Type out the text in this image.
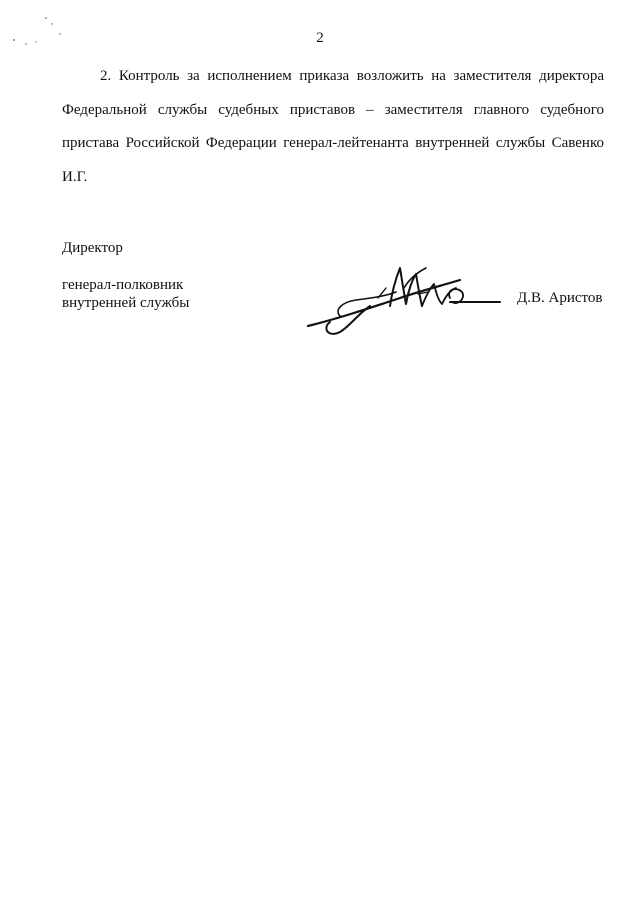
2

2. Контроль за исполнением приказа возложить на заместителя директора Федеральной службы судебных приставов – заместителя главного судебного пристава Российской Федерации генерал-лейтенанта внутренней службы Савенко И.Г.

Директор
генерал-полковник
внутренней службы	Д.В. Аристов
